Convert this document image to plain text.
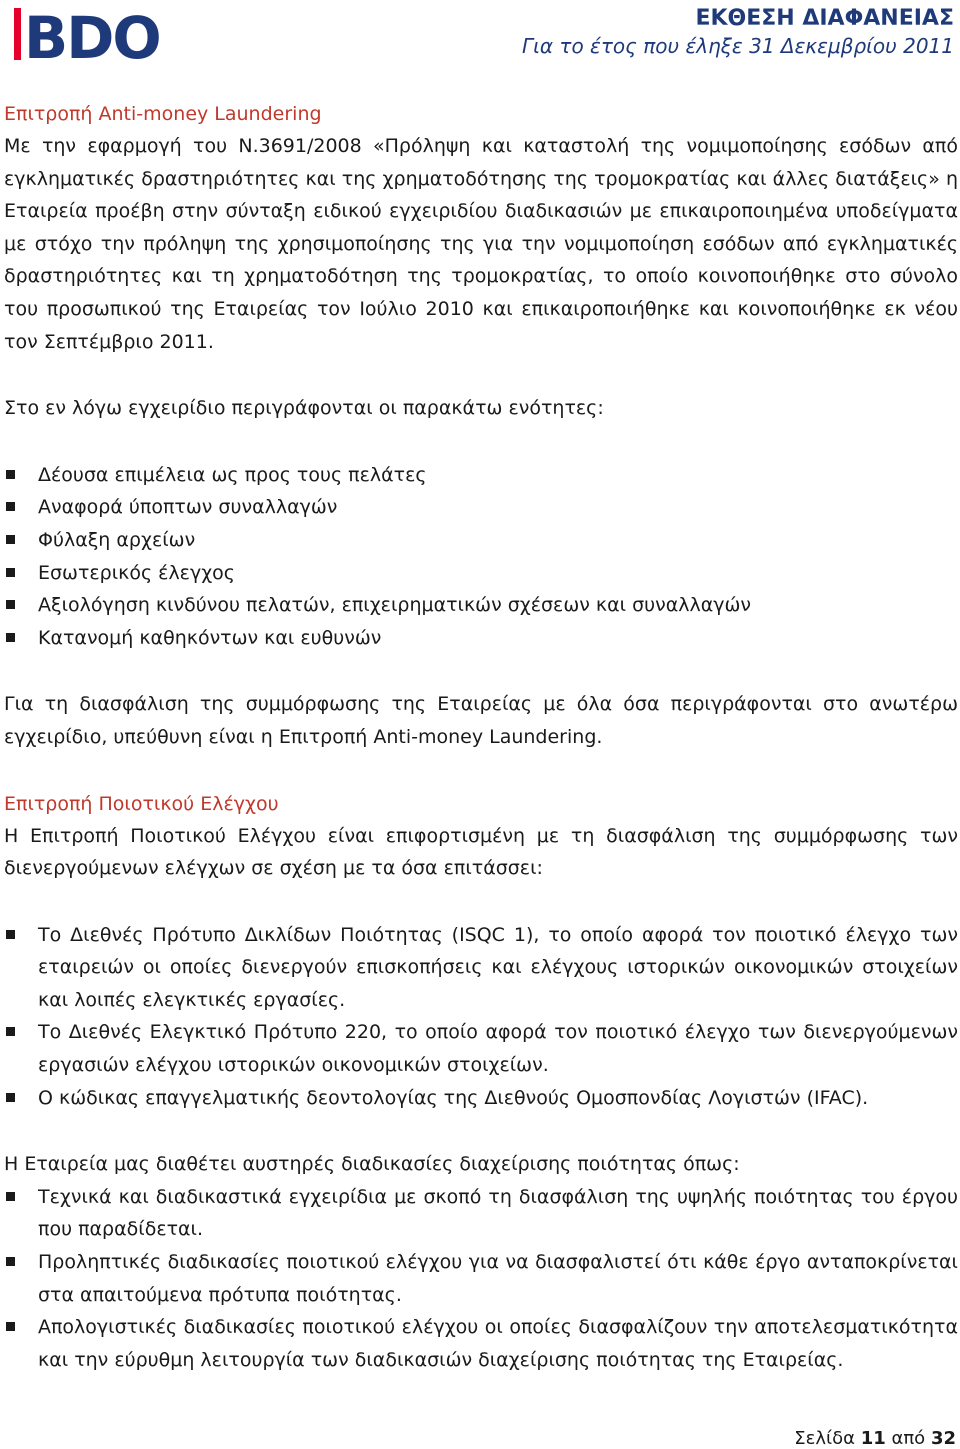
BDO	ΕΚΘΕΣΗ ΔΙΑΦΑΝΕΙΑΣ
Για το έτος που έληξε 31 Δεκεμβρίου 2011
Επιτροπή Anti-money Laundering

Με την εφαρμογή του Ν.3691/2008 «Πρόληψη και καταστολή της νομιμοποίησης εσόδων από εγκληματικές δραστηριότητες και της χρηματοδότησης της τρομοκρατίας και άλλες διατάξεις» η Εταιρεία προέβη στην σύνταξη ειδικού εγχειριδίου διαδικασιών με επικαιροποιημένα υποδείγματα με στόχο την πρόληψη της χρησιμοποίησης της για την νομιμοποίηση εσόδων από εγκληματικές δραστηριότητες και τη χρηματοδότηση της τρομοκρατίας, το οποίο κοινοποιήθηκε στο σύνολο του προσωπικού της Εταιρείας τον Ιούλιο 2010 και επικαιροποιήθηκε και κοινοποιήθηκε εκ νέου τον Σεπτέμβριο 2011.

Στο εν λόγω εγχειρίδιο περιγράφονται οι παρακάτω ενότητες:

Δέουσα επιμέλεια ως προς τους πελάτες
Αναφορά ύποπτων συναλλαγών
Φύλαξη αρχείων
Εσωτερικός έλεγχος
Αξιολόγηση κινδύνου πελατών, επιχειρηματικών σχέσεων και συναλλαγών
Κατανομή καθηκόντων και ευθυνών

Για τη διασφάλιση της συμμόρφωσης της Εταιρείας με όλα όσα περιγράφονται στο ανωτέρω εγχειρίδιο, υπεύθυνη είναι η Επιτροπή Anti-money Laundering.

Επιτροπή Ποιοτικού Ελέγχου

Η Επιτροπή Ποιοτικού Ελέγχου είναι επιφορτισμένη με τη διασφάλιση της συμμόρφωσης των διενεργούμενων ελέγχων σε σχέση με τα όσα επιτάσσει:

Το Διεθνές Πρότυπο Δικλίδων Ποιότητας (ISQC 1), το οποίο αφορά τον ποιοτικό έλεγχο των εταιρειών οι οποίες διενεργούν επισκοπήσεις και ελέγχους ιστορικών οικονομικών στοιχείων και λοιπές ελεγκτικές εργασίες.
Το Διεθνές Ελεγκτικό Πρότυπο 220, το οποίο αφορά τον ποιοτικό έλεγχο των διενεργούμενων εργασιών ελέγχου ιστορικών οικονομικών στοιχείων.
Ο κώδικας επαγγελματικής δεοντολογίας της Διεθνούς Ομοσπονδίας Λογιστών (IFAC).

Η Εταιρεία μας διαθέτει αυστηρές διαδικασίες διαχείρισης ποιότητας όπως:

Τεχνικά και διαδικαστικά εγχειρίδια με σκοπό τη διασφάλιση της υψηλής ποιότητας του έργου που παραδίδεται.
Προληπτικές διαδικασίες ποιοτικού ελέγχου για να διασφαλιστεί ότι κάθε έργο ανταποκρίνεται στα απαιτούμενα πρότυπα ποιότητας.
Απολογιστικές διαδικασίες ποιοτικού ελέγχου οι οποίες διασφαλίζουν την αποτελεσματικότητα και την εύρυθμη λειτουργία των διαδικασιών διαχείρισης ποιότητας της Εταιρείας.
Σελίδα 11 από 32
